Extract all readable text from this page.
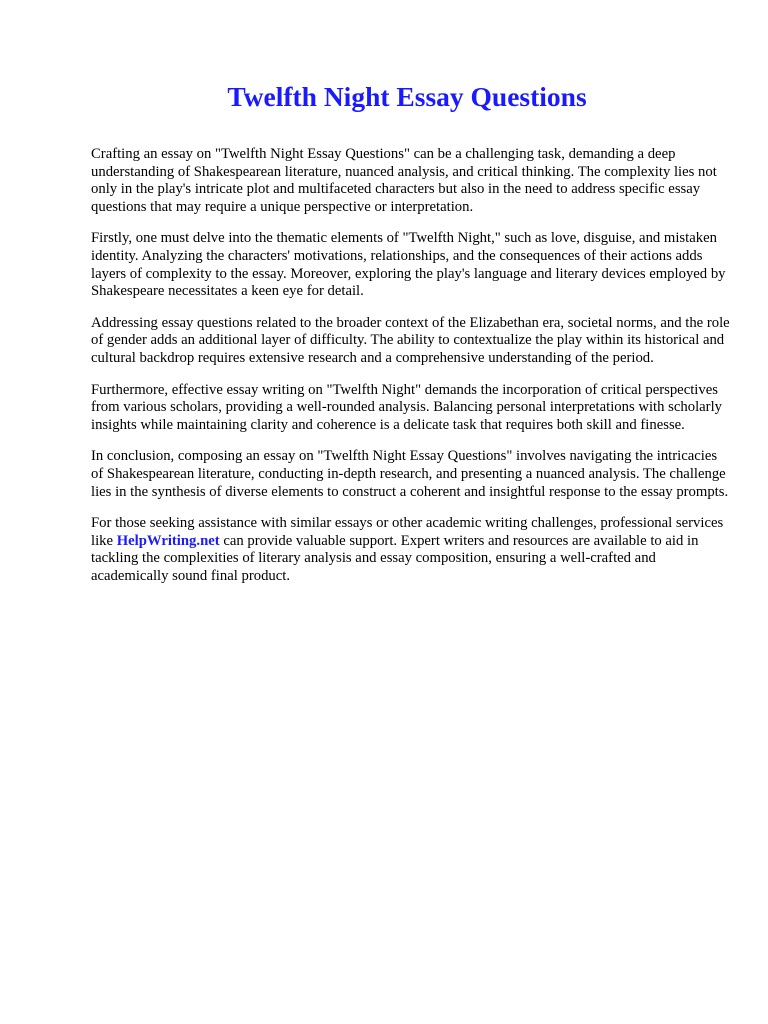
Twelfth Night Essay Questions

Crafting an essay on "Twelfth Night Essay Questions" can be a challenging task, demanding a deep understanding of Shakespearean literature, nuanced analysis, and critical thinking. The complexity lies not only in the play's intricate plot and multifaceted characters but also in the need to address specific essay questions that may require a unique perspective or interpretation.

Firstly, one must delve into the thematic elements of "Twelfth Night," such as love, disguise, and mistaken identity. Analyzing the characters' motivations, relationships, and the consequences of their actions adds layers of complexity to the essay. Moreover, exploring the play's language and literary devices employed by Shakespeare necessitates a keen eye for detail.

Addressing essay questions related to the broader context of the Elizabethan era, societal norms, and the role of gender adds an additional layer of difficulty. The ability to contextualize the play within its historical and cultural backdrop requires extensive research and a comprehensive understanding of the period.

Furthermore, effective essay writing on "Twelfth Night" demands the incorporation of critical perspectives from various scholars, providing a well-rounded analysis. Balancing personal interpretations with scholarly insights while maintaining clarity and coherence is a delicate task that requires both skill and finesse.

In conclusion, composing an essay on "Twelfth Night Essay Questions" involves navigating the intricacies of Shakespearean literature, conducting in-depth research, and presenting a nuanced analysis. The challenge lies in the synthesis of diverse elements to construct a coherent and insightful response to the essay prompts.

For those seeking assistance with similar essays or other academic writing challenges, professional services like HelpWriting.net can provide valuable support. Expert writers and resources are available to aid in tackling the complexities of literary analysis and essay composition, ensuring a well-crafted and academically sound final product.
